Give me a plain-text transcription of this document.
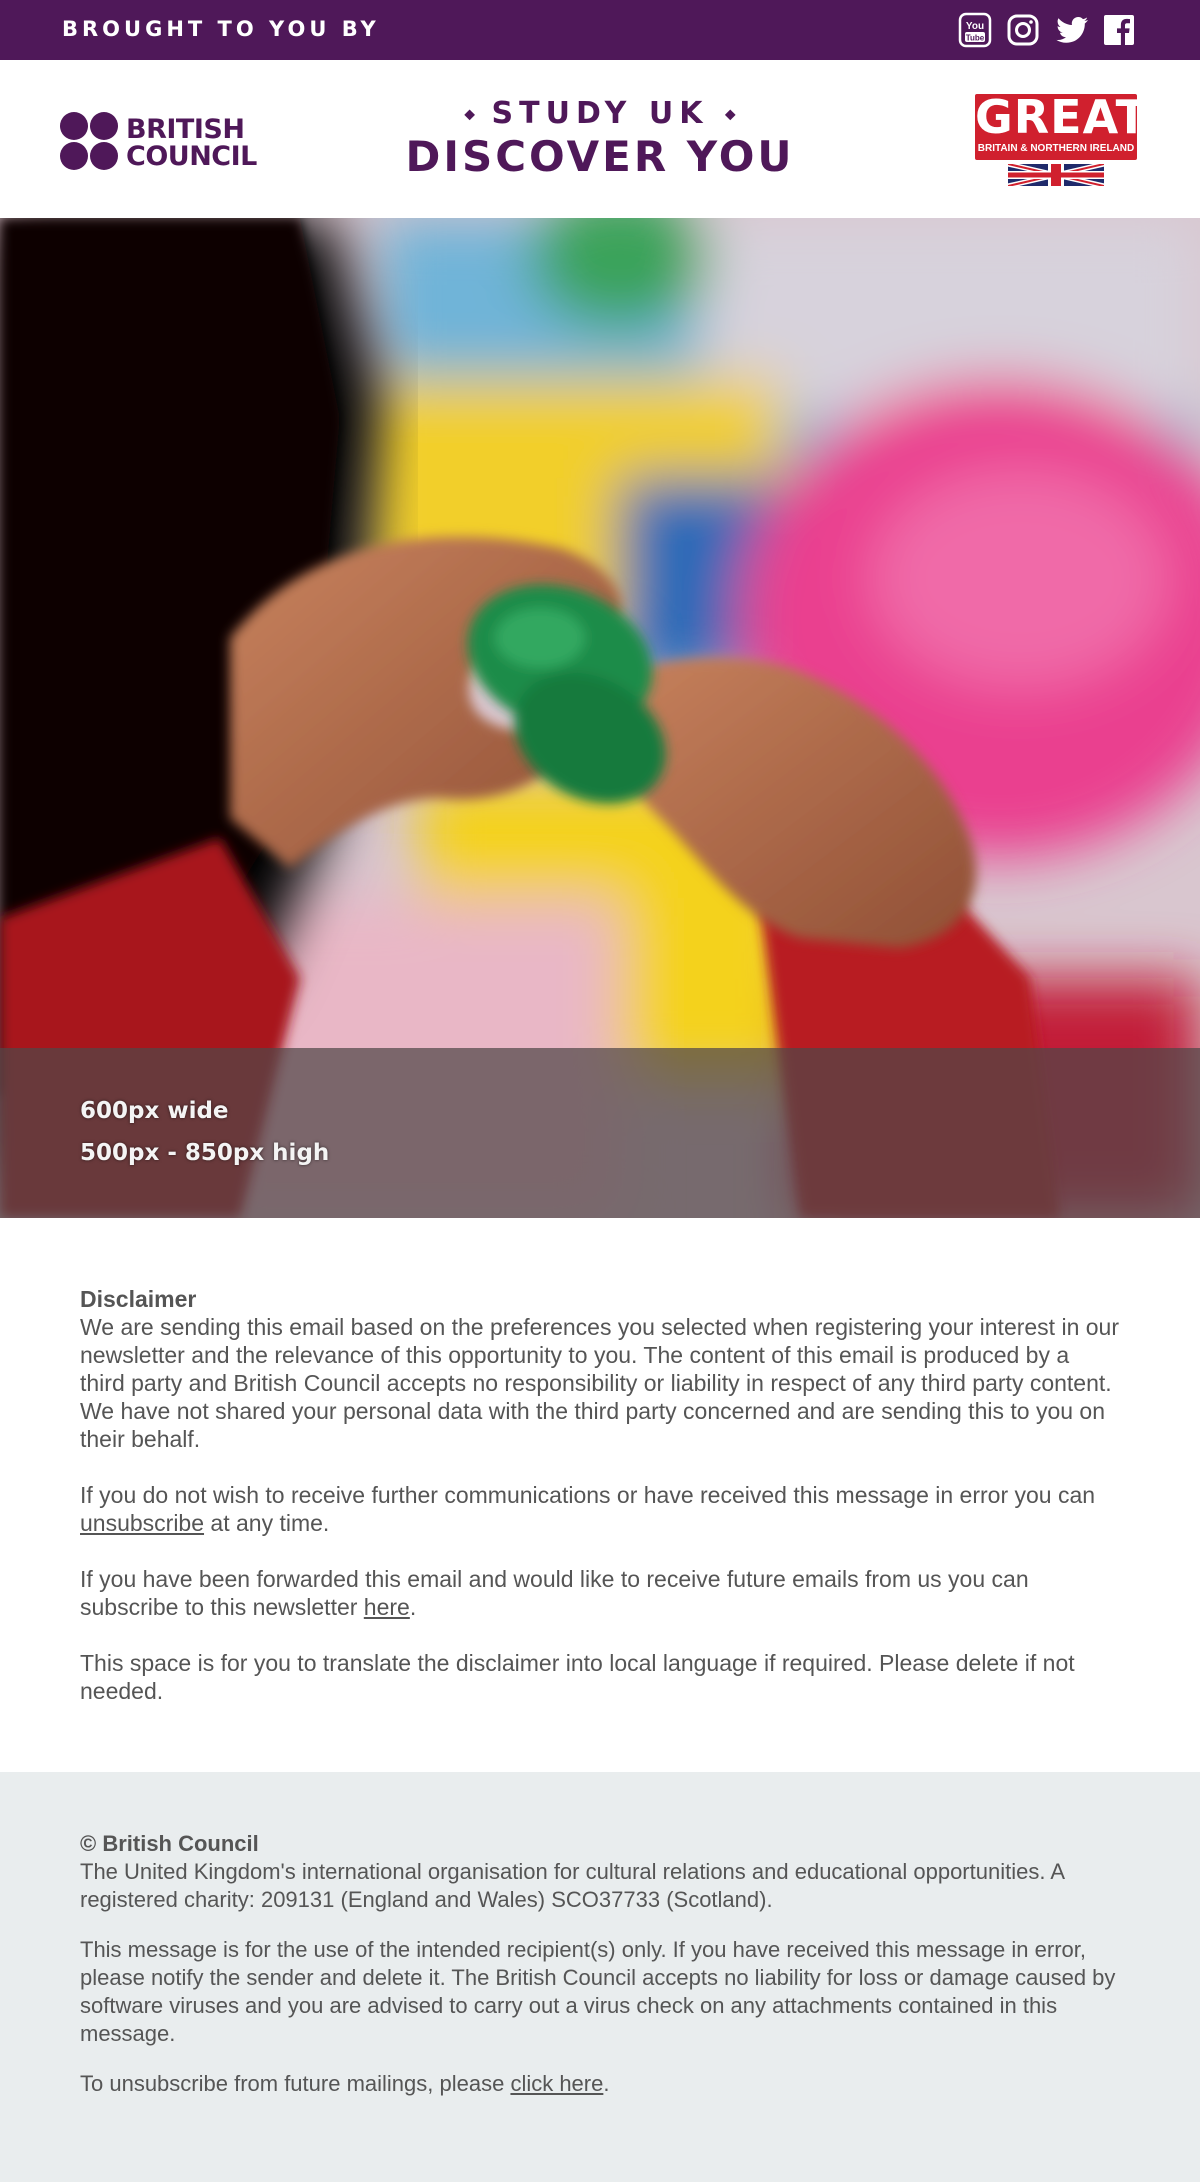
BROUGHT TO YOU BY	You
Tube
BRITISH
COUNCIL
◆ STUDY UK ◆
DISCOVER YOU
GREAT
BRITAIN & NORTHERN IRELAND
600px wide
500px - 850px high

Disclaimer
We are sending this email based on the preferences you selected when registering your interest in our newsletter and the relevance of this opportunity to you. The content of this email is produced by a third party and British Council accepts no responsibility or liability in respect of any third party content. We have not shared your personal data with the third party concerned and are sending this to you on their behalf.

If you do not wish to receive further communications or have received this message in error you can unsubscribe at any time.

If you have been forwarded this email and would like to receive future emails from us you can subscribe to this newsletter here.

This space is for you to translate the disclaimer into local language if required. Please delete if not needed.

© British Council
The United Kingdom's international organisation for cultural relations and educational opportunities. A registered charity: 209131 (England and Wales) SCO37733 (Scotland).

This message is for the use of the intended recipient(s) only. If you have received this message in error, please notify the sender and delete it. The British Council accepts no liability for loss or damage caused by software viruses and you are advised to carry out a virus check on any attachments contained in this message.

To unsubscribe from future mailings, please click here.
